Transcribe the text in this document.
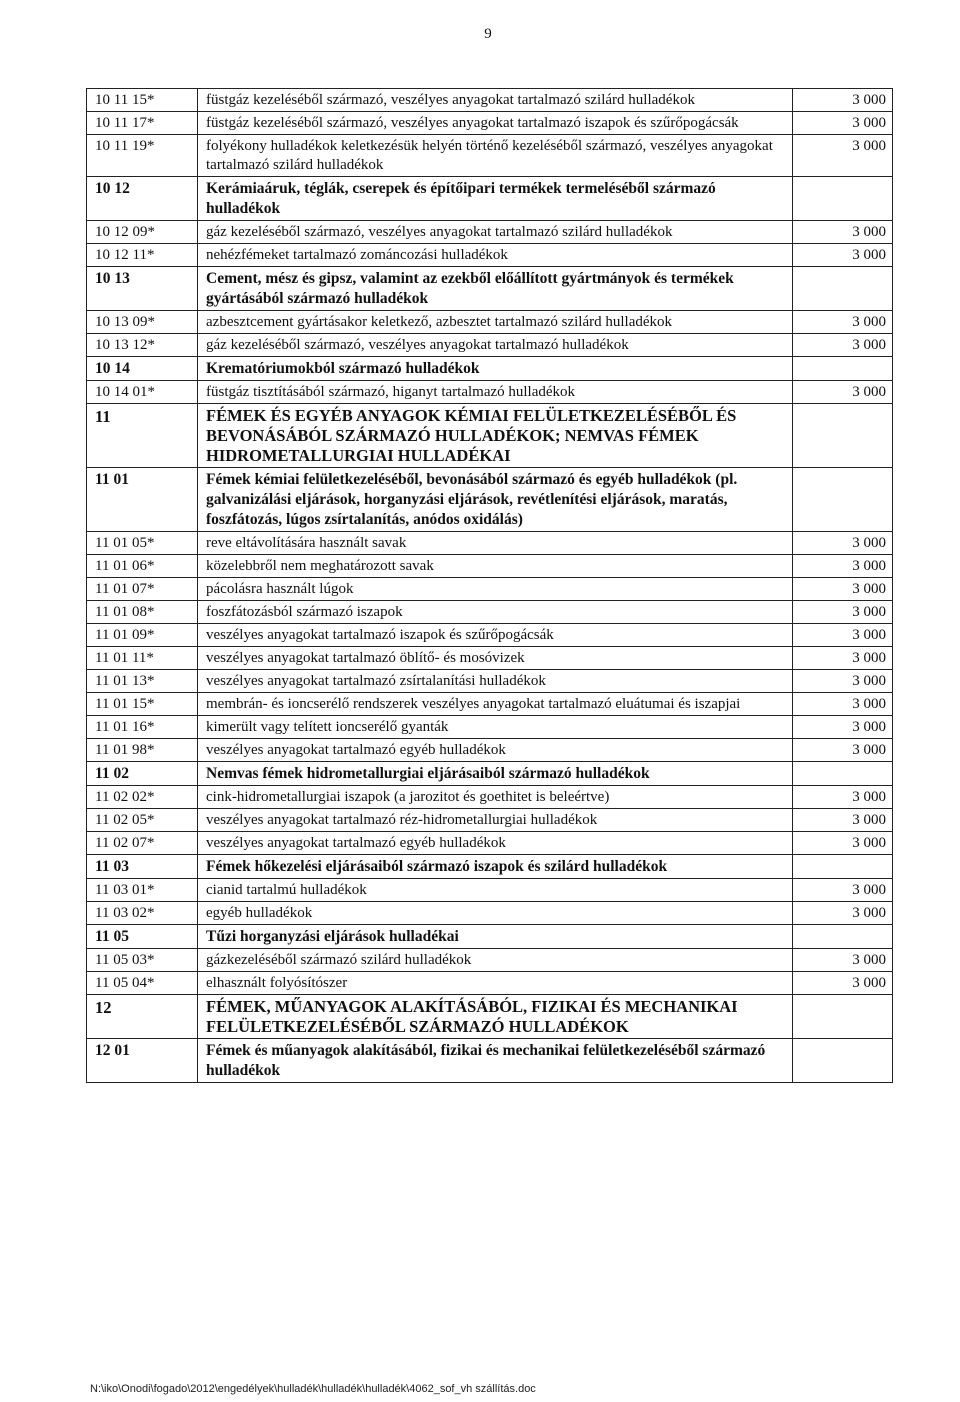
9
10 11 15*	füstgáz kezeléséből származó, veszélyes anyagokat tartalmazó szilárd hulladékok	3 000
10 11 17*	füstgáz kezeléséből származó, veszélyes anyagokat tartalmazó iszapok és szűrőpogácsák	3 000
10 11 19*	folyékony hulladékok keletkezésük helyén történő kezeléséből származó, veszélyes anyagokat tartalmazó szilárd hulladékok	3 000
10 12	Kerámiaáruk, téglák, cserepek és építőipari termékek termeléséből származó hulladékok	
10 12 09*	gáz kezeléséből származó, veszélyes anyagokat tartalmazó szilárd hulladékok	3 000
10 12 11*	nehézfémeket tartalmazó zománcozási hulladékok	3 000
10 13	Cement, mész és gipsz, valamint az ezekből előállított gyártmányok és termékek gyártásából származó hulladékok	
10 13 09*	azbesztcement gyártásakor keletkező, azbesztet tartalmazó szilárd hulladékok	3 000
10 13 12*	gáz kezeléséből származó, veszélyes anyagokat tartalmazó hulladékok	3 000
10 14	Krematóriumokból származó hulladékok	
10 14 01*	füstgáz tisztításából származó, higanyt tartalmazó hulladékok	3 000
11	FÉMEK ÉS EGYÉB ANYAGOK KÉMIAI FELÜLETKEZELÉSÉBŐL ÉS BEVONÁSÁBÓL SZÁRMAZÓ HULLADÉKOK; NEMVAS FÉMEK HIDROMETALLURGIAI HULLADÉKAI	
11 01	Fémek kémiai felületkezeléséből, bevonásából származó és egyéb hulladékok (pl. galvanizálási eljárások, horganyzási eljárások, revétlenítési eljárások, maratás, foszfátozás, lúgos zsírtalanítás, anódos oxidálás)	
11 01 05*	reve eltávolítására használt savak	3 000
11 01 06*	közelebbről nem meghatározott savak	3 000
11 01 07*	pácolásra használt lúgok	3 000
11 01 08*	foszfátozásból származó iszapok	3 000
11 01 09*	veszélyes anyagokat tartalmazó iszapok és szűrőpogácsák	3 000
11 01 11*	veszélyes anyagokat tartalmazó öblítő- és mosóvizek	3 000
11 01 13*	veszélyes anyagokat tartalmazó zsírtalanítási hulladékok	3 000
11 01 15*	membrán- és ioncserélő rendszerek veszélyes anyagokat tartalmazó eluátumai és iszapjai	3 000
11 01 16*	kimerült vagy telített ioncserélő gyanták	3 000
11 01 98*	veszélyes anyagokat tartalmazó egyéb hulladékok	3 000
11 02	Nemvas fémek hidrometallurgiai eljárásaiból származó hulladékok	
11 02 02*	cink-hidrometallurgiai iszapok (a jarozitot és goethitet is beleértve)	3 000
11 02 05*	veszélyes anyagokat tartalmazó réz-hidrometallurgiai hulladékok	3 000
11 02 07*	veszélyes anyagokat tartalmazó egyéb hulladékok	3 000
11 03	Fémek hőkezelési eljárásaiból származó iszapok és szilárd hulladékok	
11 03 01*	cianid tartalmú hulladékok	3 000
11 03 02*	egyéb hulladékok	3 000
11 05	Tűzi horganyzási eljárások hulladékai	
11 05 03*	gázkezeléséből származó szilárd hulladékok	3 000
11 05 04*	elhasznált folyósítószer	3 000
12	FÉMEK, MŰANYAGOK ALAKÍTÁSÁBÓL, FIZIKAI ÉS MECHANIKAI FELÜLETKEZELÉSÉBŐL SZÁRMAZÓ HULLADÉKOK	
12 01	Fémek és műanyagok alakításából, fizikai és mechanikai felületkezeléséből származó hulladékok	
N:\iko\Onodi\fogado\2012\engedélyek\hulladék\hulladék\hulladék\4062_sof_vh szállítás.doc
